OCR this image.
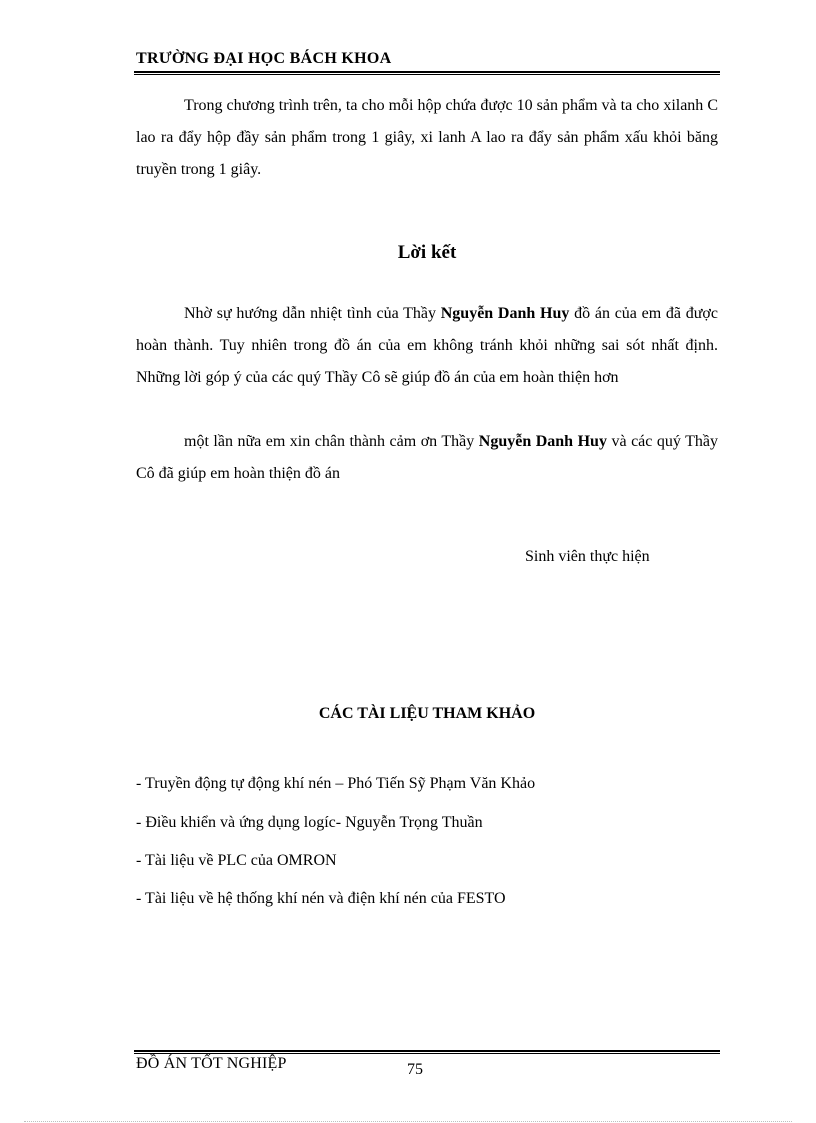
TRƯỜNG ĐẠI HỌC BÁCH KHOA
Trong chương trình trên, ta cho mỗi hộp chứa được 10 sản phẩm và ta cho xilanh C lao ra đẩy hộp đầy sản phẩm trong 1 giây, xi lanh A lao ra đẩy sản phẩm xấu khỏi băng truyền trong 1 giây.
Lời kết
Nhờ sự hướng dẫn nhiệt tình của Thầy Nguyễn Danh Huy đồ án của em đã được hoàn thành. Tuy nhiên trong đồ án của em không tránh khỏi những sai sót nhất định. Những lời góp ý của các quý Thầy Cô sẽ giúp đồ án của em hoàn thiện hơn
một lần nữa em xin chân thành cảm ơn Thầy Nguyễn Danh Huy và các quý Thầy Cô đã giúp em hoàn thiện đồ án
Sinh viên thực hiện
CÁC TÀI LIỆU THAM KHẢO
- Truyền động tự động khí nén – Phó Tiến Sỹ Phạm Văn Khảo
- Điều khiển và ứng dụng logíc- Nguyễn Trọng Thuần
- Tài liệu về PLC của OMRON
- Tài liệu về hệ thống khí nén và điện khí nén của FESTO
ĐỒ ÁN TỐT NGHIỆP	75
